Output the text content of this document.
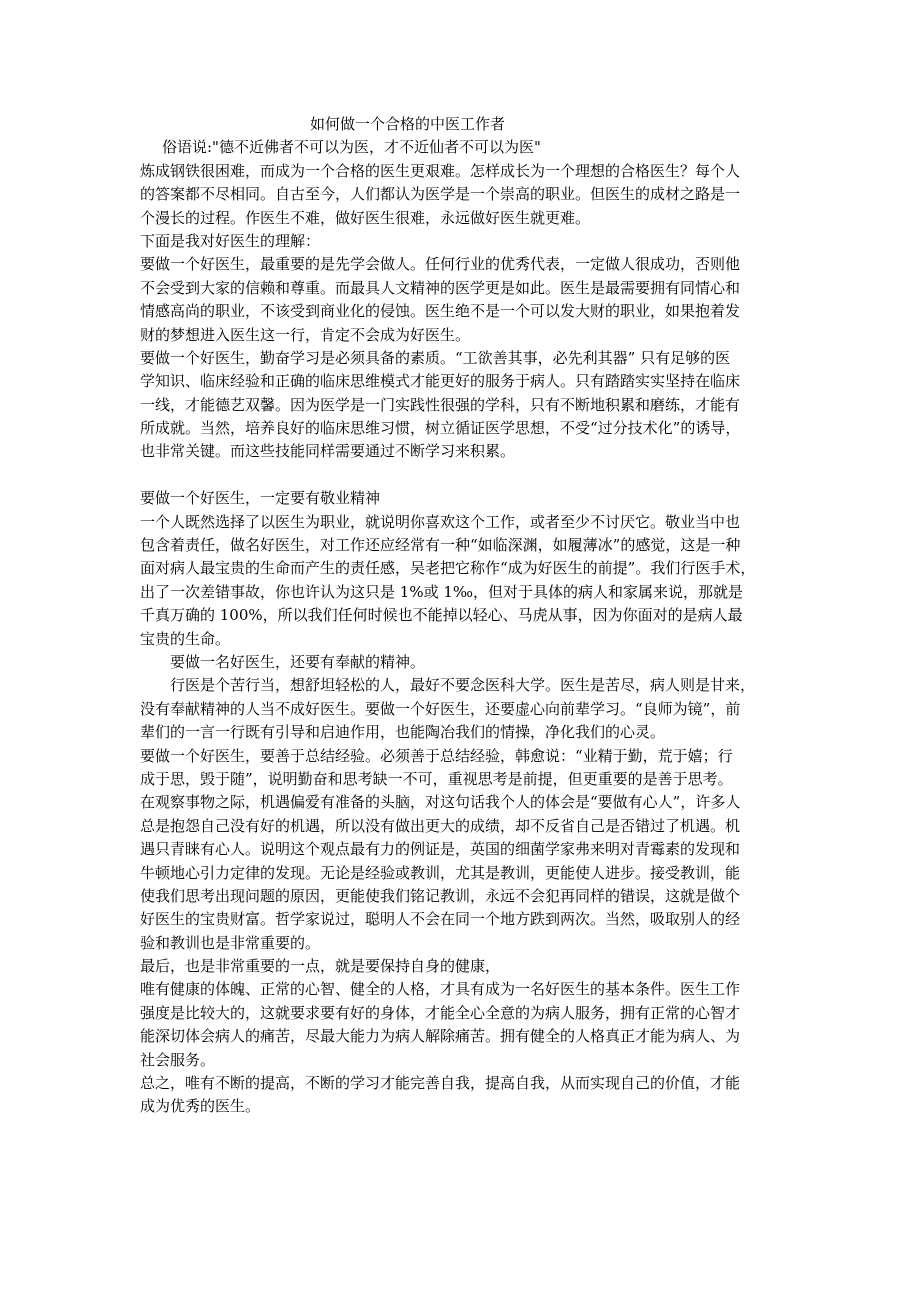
如何做一个合格的中医工作者
俗语说:"德不近佛者不可以为医，才不近仙者不可以为医"
炼成钢铁很困难，而成为一个合格的医生更艰难。怎样成长为一个理想的合格医生？每个人
的答案都不尽相同。自古至今，人们都认为医学是一个崇高的职业。但医生的成材之路是一
个漫长的过程。作医生不难，做好医生很难，永远做好医生就更难。
下面是我对好医生的理解：
要做一个好医生，最重要的是先学会做人。任何行业的优秀代表，一定做人很成功，否则他
不会受到大家的信赖和尊重。而最具人文精神的医学更是如此。医生是最需要拥有同情心和
情感高尚的职业，不该受到商业化的侵蚀。医生绝不是一个可以发大财的职业，如果抱着发
财的梦想进入医生这一行，肯定不会成为好医生。
要做一个好医生，勤奋学习是必须具备的素质。“工欲善其事，必先利其器” 只有足够的医
学知识、临床经验和正确的临床思维模式才能更好的服务于病人。只有踏踏实实坚持在临床
一线，才能德艺双馨。因为医学是一门实践性很强的学科，只有不断地积累和磨练，才能有
所成就。当然，培养良好的临床思维习惯，树立循证医学思想，不受“过分技术化”的诱导，
也非常关键。而这些技能同样需要通过不断学习来积累。
要做一个好医生，一定要有敬业精神
一个人既然选择了以医生为职业，就说明你喜欢这个工作，或者至少不讨厌它。敬业当中也
包含着责任，做名好医生，对工作还应经常有一种“如临深渊，如履薄冰”的感觉，这是一种
面对病人最宝贵的生命而产生的责任感，吴老把它称作“成为好医生的前提”。我们行医手术，
出了一次差错事故，你也许认为这只是 1%或 1‰，但对于具体的病人和家属来说，那就是
千真万确的 100%，所以我们任何时候也不能掉以轻心、马虎从事，因为你面对的是病人最
宝贵的生命。
要做一名好医生，还要有奉献的精神。
行医是个苦行当，想舒坦轻松的人，最好不要念医科大学。医生是苦尽，病人则是甘来，
没有奉献精神的人当不成好医生。要做一个好医生，还要虚心向前辈学习。“良师为镜”，前
辈们的一言一行既有引导和启迪作用，也能陶冶我们的情操，净化我们的心灵。
要做一个好医生，要善于总结经验。必须善于总结经验，韩愈说：“业精于勤，荒于嬉；行
成于思，毁于随”，说明勤奋和思考缺一不可，重视思考是前提，但更重要的是善于思考。
在观察事物之际，机遇偏爱有准备的头脑，对这句话我个人的体会是“要做有心人”，许多人
总是抱怨自己没有好的机遇，所以没有做出更大的成绩，却不反省自己是否错过了机遇。机
遇只青睐有心人。说明这个观点最有力的例证是，英国的细菌学家弗来明对青霉素的发现和
牛顿地心引力定律的发现。无论是经验或教训，尤其是教训，更能使人进步。接受教训，能
使我们思考出现问题的原因，更能使我们铭记教训，永远不会犯再同样的错误，这就是做个
好医生的宝贵财富。哲学家说过，聪明人不会在同一个地方跌到两次。当然，吸取别人的经
验和教训也是非常重要的。
最后，也是非常重要的一点，就是要保持自身的健康，
唯有健康的体魄、正常的心智、健全的人格，才具有成为一名好医生的基本条件。医生工作
强度是比较大的，这就要求要有好的身体，才能全心全意的为病人服务，拥有正常的心智才
能深切体会病人的痛苦，尽最大能力为病人解除痛苦。拥有健全的人格真正才能为病人、为
社会服务。
总之，唯有不断的提高，不断的学习才能完善自我，提高自我，从而实现自己的价值，才能
成为优秀的医生。
